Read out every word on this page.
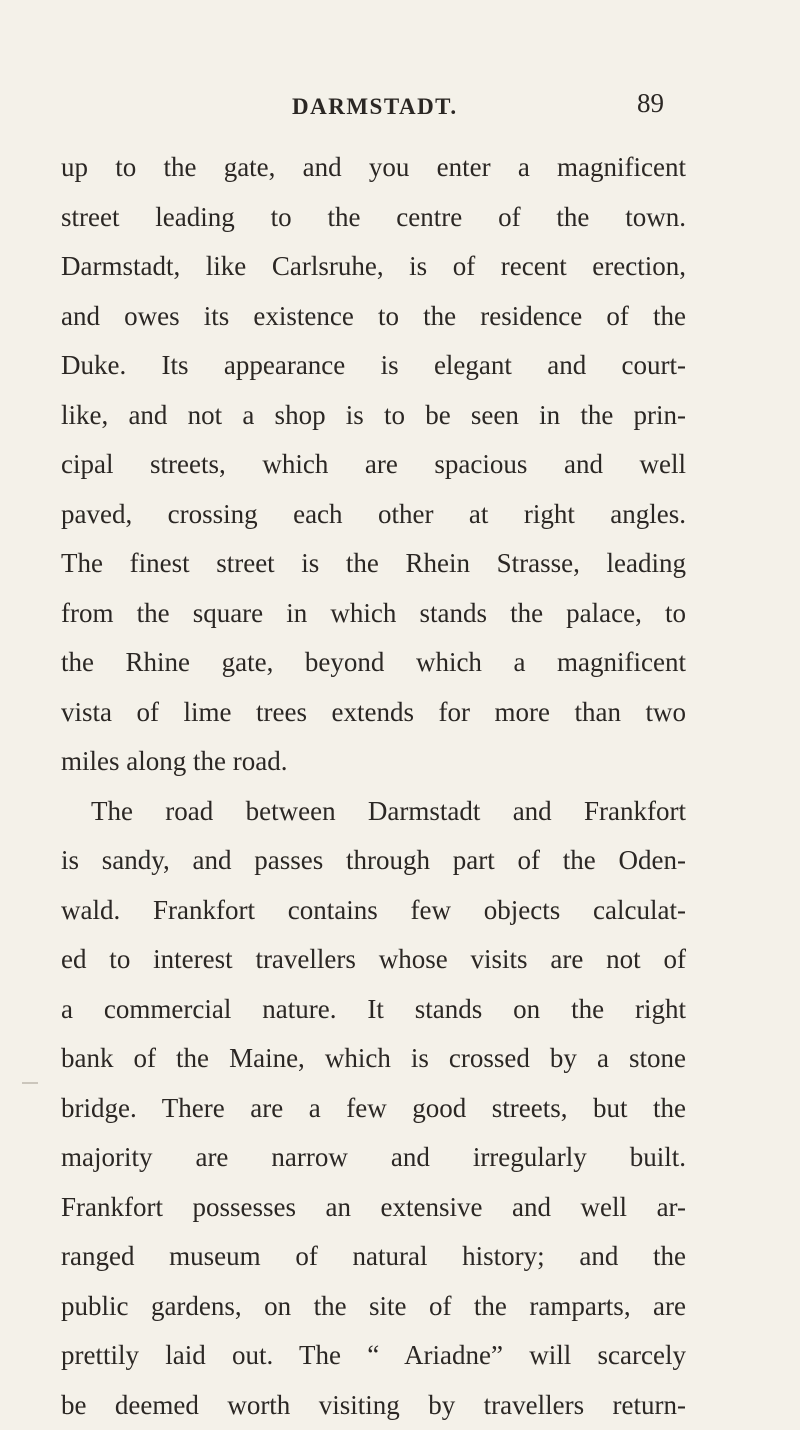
DARMSTADT.	89
up to the gate, and you enter a magnificent
street leading to the centre of the town.
Darmstadt, like Carlsruhe, is of recent erection,
and owes its existence to the residence of the
Duke. Its appearance is elegant and court-
like, and not a shop is to be seen in the prin-
cipal streets, which are spacious and well
paved, crossing each other at right angles.
The finest street is the Rhein Strasse, leading
from the square in which stands the palace, to
the Rhine gate, beyond which a magnificent
vista of lime trees extends for more than two
miles along the road.
The road between Darmstadt and Frankfort
is sandy, and passes through part of the Oden-
wald. Frankfort contains few objects calculat-
ed to interest travellers whose visits are not of
a commercial nature. It stands on the right
bank of the Maine, which is crossed by a stone
bridge. There are a few good streets, but the
majority are narrow and irregularly built.
Frankfort possesses an extensive and well ar-
ranged museum of natural history; and the
public gardens, on the site of the ramparts, are
prettily laid out. The “ Ariadne” will scarcely
be deemed worth visiting by travellers return-
